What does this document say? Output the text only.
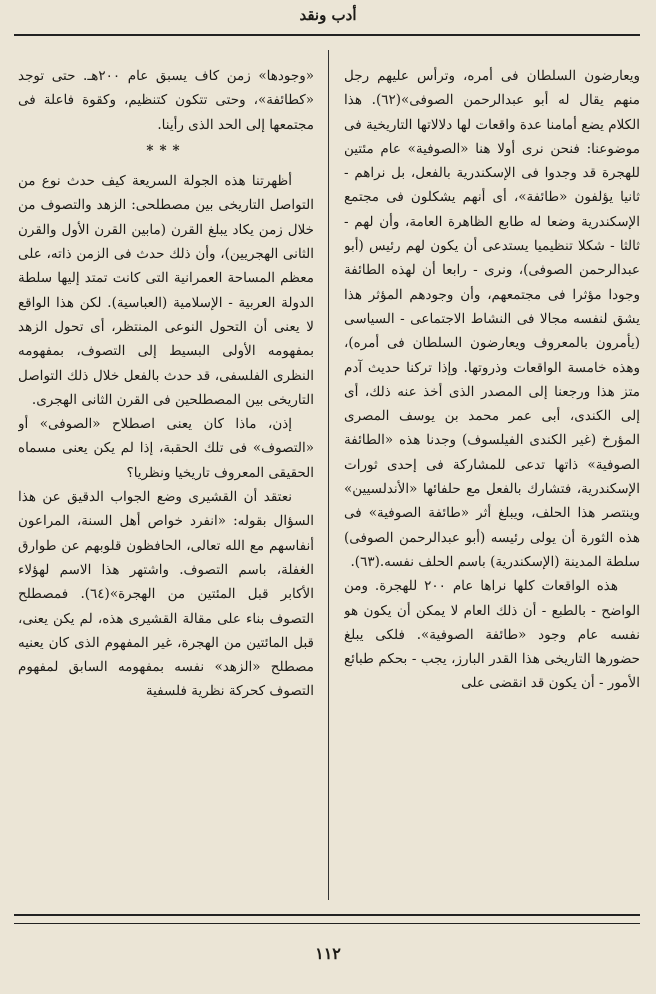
أدب ونقد

ويعارضون السلطان فى أمره، وترأس عليهم رجل منهم يقال له أبو عبدالرحمن الصوفى»(٦٢). هذا الكلام يضع أمامنا عدة واقعات لها دلالاتها التاريخية فى موضوعنا: فنحن نرى أولا هنا «الصوفية» عام مئتين للهجرة قد وجدوا فى الإسكندرية بالفعل، بل نراهم - ثانيا يؤلفون «طائفة»، أى أنهم يشكلون فى مجتمع الإسكندرية وضعا له طابع الظاهرة العامة، وأن لهم - ثالثا - شكلا تنظيميا يستدعى أن يكون لهم رئيس (أبو عبدالرحمن الصوفى)، ونرى - رابعا أن لهذه الطائفة وجودا مؤثرا فى مجتمعهم، وأن وجودهم المؤثر هذا يشق لنفسه مجالا فى النشاط الاجتماعى - السياسى (يأمرون بالمعروف ويعارضون السلطان فى أمره)، وهذه خامسة الواقعات وذروتها. وإذا تركنا حديث آدم متز هذا ورجعنا إلى المصدر الذى أخذ عنه ذلك، أى إلى الكندى، أبى عمر محمد بن يوسف المصرى المؤرخ (غير الكندى الفيلسوف) وجدنا هذه «الطائفة الصوفية» ذاتها تدعى للمشاركة فى إحدى ثورات الإسكندرية، فتشارك بالفعل مع حلفائها «الأندلسيين» وينتصر هذا الحلف، ويبلغ أثر «طائفة الصوفية» فى هذه الثورة أن يولى رئيسه (أبو عبدالرحمن الصوفى) سلطة المدينة (الإسكندرية) باسم الحلف نفسه.(٦٣).

هذه الواقعات كلها نراها عام ٢٠٠ للهجرة. ومن الواضح - بالطبع - أن ذلك العام لا يمكن أن يكون هو نفسه عام وجود «طائفة الصوفية». فلكى يبلغ حضورها التاريخى هذا القدر البارز، يجب - بحكم طبائع الأمور - أن يكون قد انقضى على

«وجودها» زمن كاف يسبق عام ٢٠٠هـ. حتى توجد «كطائفة»، وحتى تتكون كتنظيم، وكقوة فاعلة فى مجتمعها إلى الحد الذى رأينا.

***

أظهرتنا هذه الجولة السريعة كيف حدث نوع من التواصل التاريخى بين مصطلحى: الزهد والتصوف من خلال زمن يكاد يبلغ القرن (مابين القرن الأول والقرن الثانى الهجريين)، وأن ذلك حدث فى الزمن ذاته، على معظم المساحة العمرانية التى كانت تمتد إليها سلطة الدولة العربية - الإسلامية (العباسية). لكن هذا الواقع لا يعنى أن التحول النوعى المنتظر، أى تحول الزهد بمفهومه الأولى البسيط إلى التصوف، بمفهومه النظرى الفلسفى، قد حدث بالفعل خلال ذلك التواصل التاريخى بين المصطلحين فى القرن الثانى الهجرى.

إذن، ماذا كان يعنى اصطلاح «الصوفى» أو «التصوف» فى تلك الحقبة، إذا لم يكن يعنى مسماه الحقيقى المعروف تاريخيا ونظريا؟

نعتقد أن القشيرى وضع الجواب الدقيق عن هذا السؤال بقوله: «انفرد خواص أهل السنة، المراعون أنفاسهم مع الله تعالى، الحافظون قلوبهم عن طوارق الغفلة، باسم التصوف. واشتهر هذا الاسم لهؤلاء الأكابر قبل المئتين من الهجرة»(٦٤). فمصطلح التصوف بناء على مقالة القشيرى هذه، لم يكن يعنى، قبل المائتين من الهجرة، غير المفهوم الذى كان يعنيه مصطلح «الزهد» نفسه بمفهومه السابق لمفهوم التصوف كحركة نظرية فلسفية

١١٢
